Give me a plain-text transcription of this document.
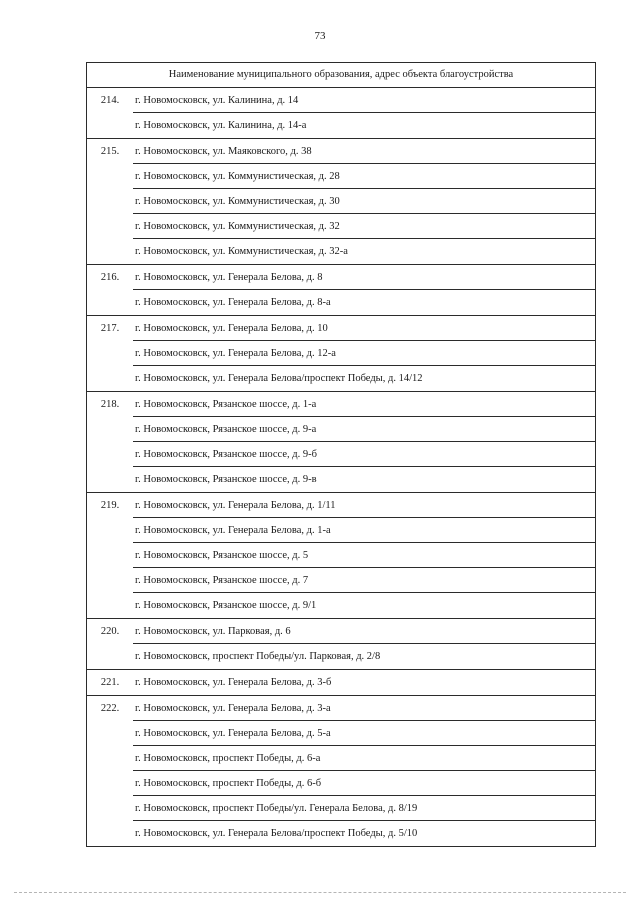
73
Наименование муниципального образования, адрес объекта благоустройства
214.	г. Новомосковск, ул. Калинина, д. 14
г. Новомосковск, ул. Калинина, д. 14-а
215.	г. Новомосковск, ул. Маяковского, д. 38
г. Новомосковск, ул. Коммунистическая, д. 28
г. Новомосковск, ул. Коммунистическая, д. 30
г. Новомосковск, ул. Коммунистическая, д. 32
г. Новомосковск, ул. Коммунистическая, д. 32-а
216.	г. Новомосковск, ул. Генерала Белова, д. 8
г. Новомосковск, ул. Генерала Белова, д. 8-а
217.	г. Новомосковск, ул. Генерала Белова, д. 10
г. Новомосковск, ул. Генерала Белова, д. 12-а
г. Новомосковск, ул. Генерала Белова/проспект Победы, д. 14/12
218.	г. Новомосковск, Рязанское шоссе, д. 1-а
г. Новомосковск, Рязанское шоссе, д. 9-а
г. Новомосковск, Рязанское шоссе, д. 9-б
г. Новомосковск, Рязанское шоссе, д. 9-в
219.	г. Новомосковск, ул. Генерала Белова, д. 1/11
г. Новомосковск, ул. Генерала Белова, д. 1-а
г. Новомосковск, Рязанское шоссе, д. 5
г. Новомосковск, Рязанское шоссе, д. 7
г. Новомосковск, Рязанское шоссе, д. 9/1
220.	г. Новомосковск, ул. Парковая, д. 6
г. Новомосковск, проспект Победы/ул. Парковая, д. 2/8
221.	г. Новомосковск, ул. Генерала Белова, д. 3-б
222.	г. Новомосковск, ул. Генерала Белова, д. 3-а
г. Новомосковск, ул. Генерала Белова, д. 5-а
г. Новомосковск, проспект Победы, д. 6-а
г. Новомосковск, проспект Победы, д. 6-б
г. Новомосковск, проспект Победы/ул. Генерала Белова, д. 8/19
г. Новомосковск, ул. Генерала Белова/проспект Победы, д. 5/10
